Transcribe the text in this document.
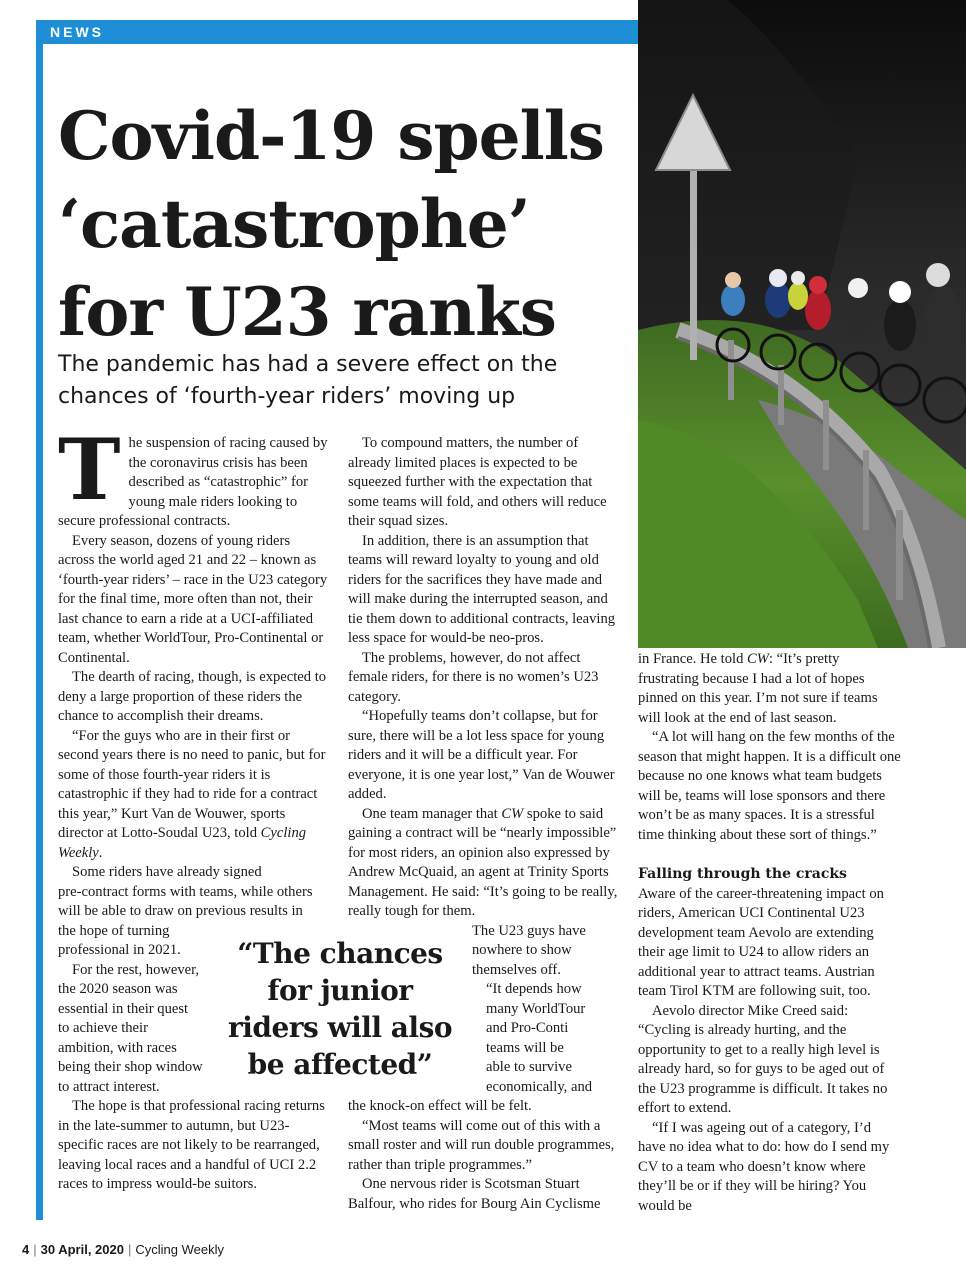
NEWS
Covid-19 spells
‘catastrophe’
for U23 ranks

The pandemic has had a severe effect on the
chances of ‘fourth-year riders’ moving up

The suspension of racing caused by the coronavirus crisis has been described as “catastrophic” for young male riders looking to secure professional contracts.

Every season, dozens of young riders across the world aged 21 and 22 – known as ‘fourth-year riders’ – race in the U23 category for the final time, more often than not, their last chance to earn a ride at a UCI-affiliated team, whether WorldTour, Pro-Continental or Continental.

The dearth of racing, though, is expected to deny a large proportion of these riders the chance to accomplish their dreams.

“For the guys who are in their first or second years there is no need to panic, but for some of those fourth-year riders it is catastrophic if they had to ride for a contract this year,” Kurt Van de Wouwer, sports director at Lotto-Soudal U23, told Cycling Weekly.

Some riders have already signed
pre-contract forms with teams, while others
will be able to draw on previous results in
the hope of turning
professional in 2021.

For the rest, however,
the 2020 season was
essential in their quest
to achieve their
ambition, with races
being their shop window
to attract interest.

The hope is that professional racing returns in the late-summer to autumn, but U23-specific races are not likely to be rearranged, leaving local races and a handful of UCI 2.2 races to impress would-be suitors.

To compound matters, the number of already limited places is expected to be squeezed further with the expectation that some teams will fold, and others will reduce their squad sizes.

In addition, there is an assumption that teams will reward loyalty to young and old riders for the sacrifices they have made and will make during the interrupted season, and tie them down to additional contracts, leaving less space for would-be neo-pros.

The problems, however, do not affect female riders, for there is no women’s U23 category.

“Hopefully teams don’t collapse, but for sure, there will be a lot less space for young riders and it will be a difficult year. For everyone, it is one year lost,” Van de Wouwer added.

One team manager that CW spoke to said gaining a contract will be “nearly impossible” for most riders, an opinion also expressed by Andrew McQuaid, an agent at Trinity Sports Management. He said: “It’s going to be really, really tough for them.

The U23 guys have
nowhere to show
themselves off.

“It depends how
many WorldTour
and Pro-Conti
teams will be
able to survive
economically, and

the knock-on effect will be felt.

“Most teams will come out of this with a small roster and will run double programmes, rather than triple programmes.”

One nervous rider is Scotsman Stuart Balfour, who rides for Bourg Ain Cyclisme

in France. He told CW: “It’s pretty frustrating because I had a lot of hopes pinned on this year. I’m not sure if teams will look at the end of last season.

“A lot will hang on the few months of the season that might happen. It is a difficult one because no one knows what team budgets will be, teams will lose sponsors and there won’t be as many spaces. It is a stressful time thinking about these sort of things.”

Falling through the cracks

Aware of the career-threatening impact on riders, American UCI Continental U23 development team Aevolo are extending their age limit to U24 to allow riders an additional year to attract teams. Austrian team Tirol KTM are following suit, too.

Aevolo director Mike Creed said: “Cycling is already hurting, and the opportunity to get to a really high level is already hard, so for guys to be aged out of the U23 programme is difficult. It takes no effort to extend.

“If I was ageing out of a category, I’d have no idea what to do: how do I send my CV to a team who doesn’t know where they’ll be or if they will be hiring? You would be

“The chances
for junior
riders will also
be affected”

4 | 30 April, 2020 | Cycling Weekly
